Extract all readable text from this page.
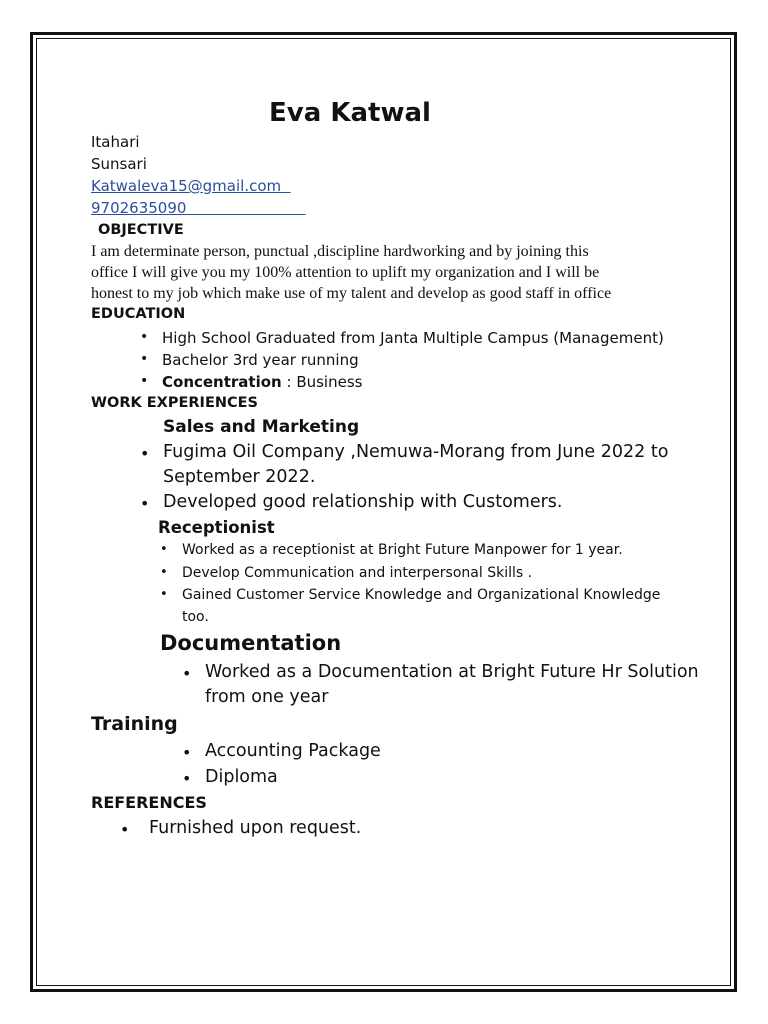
Eva Katwal
Itahari
Sunsari
Katwaleva15@gmail.com
9702635090
OBJECTIVE
I am determinate person, punctual ,discipline hardworking and by joining this
office I will give you my 100% attention to uplift my organization and I will be
honest to my job which make use of my talent and develop as good staff in office
EDUCATION
• High School Graduated from Janta Multiple Campus (Management)
• Bachelor 3rd year running
• Concentration : Business
WORK EXPERIENCES
Sales and Marketing
• Fugima Oil Company ,Nemuwa-Morang from June 2022 to
September 2022.
• Developed good relationship with Customers.
Receptionist
• Worked as a receptionist at Bright Future Manpower for 1 year.
• Develop Communication and interpersonal Skills .
• Gained Customer Service Knowledge and Organizational Knowledge
too.
Documentation
• Worked as a Documentation at Bright Future Hr Solution
from one year
Training
• Accounting Package
• Diploma
REFERENCES
• Furnished upon request.
